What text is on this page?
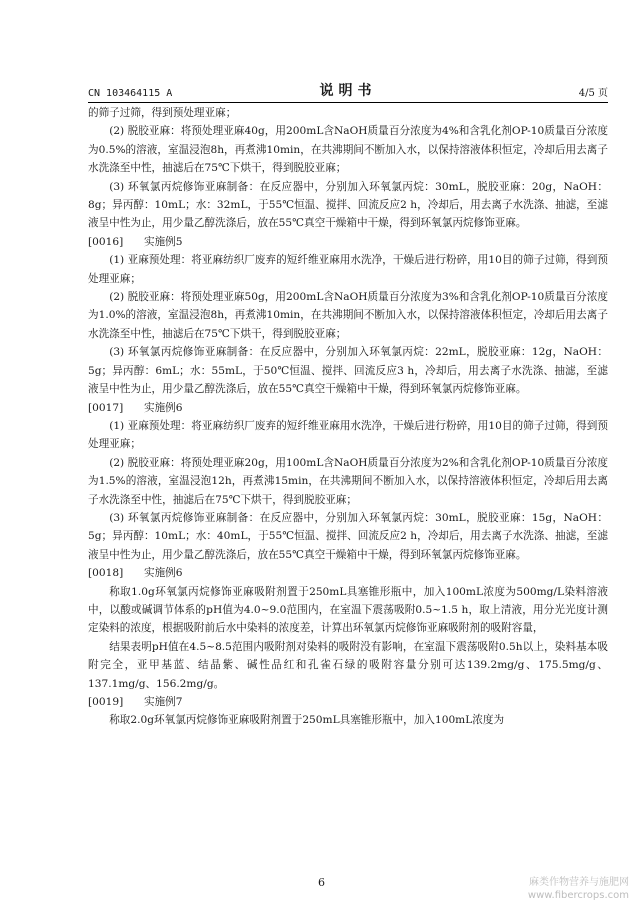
CN 103464115 A	说明书	4/5 页

的筛子过筛，得到预处理亚麻；

(2) 脱胶亚麻：将预处理亚麻40g，用200mL含NaOH质量百分浓度为4%和含乳化剂OP-10质量百分浓度为0.5%的溶液，室温浸泡8h，再煮沸10min，在共沸期间不断加入水，以保持溶液体积恒定，冷却后用去离子水洗涤至中性，抽滤后在75℃下烘干，得到脱胶亚麻；

(3) 环氧氯丙烷修饰亚麻制备：在反应器中，分别加入环氧氯丙烷：30mL，脱胶亚麻：20g，NaOH：8g；异丙醇：10mL；水：32mL，于55℃恒温、搅拌、回流反应2 h，冷却后，用去离子水洗涤、抽滤，至滤液呈中性为止，用少量乙醇洗涤后，放在55℃真空干燥箱中干燥，得到环氧氯丙烷修饰亚麻。

[0016]	实施例5

(1) 亚麻预处理：将亚麻纺织厂废弃的短纤维亚麻用水洗净，干燥后进行粉碎，用10目的筛子过筛，得到预处理亚麻；

(2) 脱胶亚麻：将预处理亚麻50g，用200mL含NaOH质量百分浓度为3%和含乳化剂OP-10质量百分浓度为1.0%的溶液，室温浸泡8h，再煮沸10min，在共沸期间不断加入水，以保持溶液体积恒定，冷却后用去离子水洗涤至中性，抽滤后在75℃下烘干，得到脱胶亚麻；

(3) 环氧氯丙烷修饰亚麻制备：在反应器中，分别加入环氧氯丙烷：22mL，脱胶亚麻：12g，NaOH：5g；异丙醇：6mL；水：55mL，于50℃恒温、搅拌、回流反应3 h，冷却后，用去离子水洗涤、抽滤，至滤液呈中性为止，用少量乙醇洗涤后，放在55℃真空干燥箱中干燥，得到环氧氯丙烷修饰亚麻。

[0017]	实施例6

(1) 亚麻预处理：将亚麻纺织厂废弃的短纤维亚麻用水洗净，干燥后进行粉碎，用10目的筛子过筛，得到预处理亚麻；

(2) 脱胶亚麻：将预处理亚麻20g，用100mL含NaOH质量百分浓度为2%和含乳化剂OP-10质量百分浓度为1.5%的溶液，室温浸泡12h，再煮沸15min，在共沸期间不断加入水，以保持溶液体积恒定，冷却后用去离子水洗涤至中性，抽滤后在75℃下烘干，得到脱胶亚麻；

(3) 环氧氯丙烷修饰亚麻制备：在反应器中，分别加入环氧氯丙烷：30mL，脱胶亚麻：15g，NaOH：5g；异丙醇：10mL；水：40mL，于55℃恒温、搅拌、回流反应2 h，冷却后，用去离子水洗涤、抽滤，至滤液呈中性为止，用少量乙醇洗涤后，放在55℃真空干燥箱中干燥，得到环氧氯丙烷修饰亚麻。

[0018]	实施例6

称取1.0g环氧氯丙烷修饰亚麻吸附剂置于250mL具塞锥形瓶中，加入100mL浓度为500mg/L染料溶液中，以酸或碱调节体系的pH值为4.0~9.0范围内，在室温下震荡吸附0.5~1.5 h，取上清液，用分光光度计测定染料的浓度，根据吸附前后水中染料的浓度差，计算出环氧氯丙烷修饰亚麻吸附剂的吸附容量，

结果表明pH值在4.5~8.5范围内吸附剂对染料的吸附没有影响，在室温下震荡吸附0.5h以上，染料基本吸附完全，亚甲基蓝、结晶紫、碱性品红和孔雀石绿的吸附容量分别可达139.2mg/g、175.5mg/g、137.1mg/g、156.2mg/g。

[0019]	实施例7

称取2.0g环氧氯丙烷修饰亚麻吸附剂置于250mL具塞锥形瓶中，加入100mL浓度为

6	麻类作物营养与施肥网
www.fibercrops.com
